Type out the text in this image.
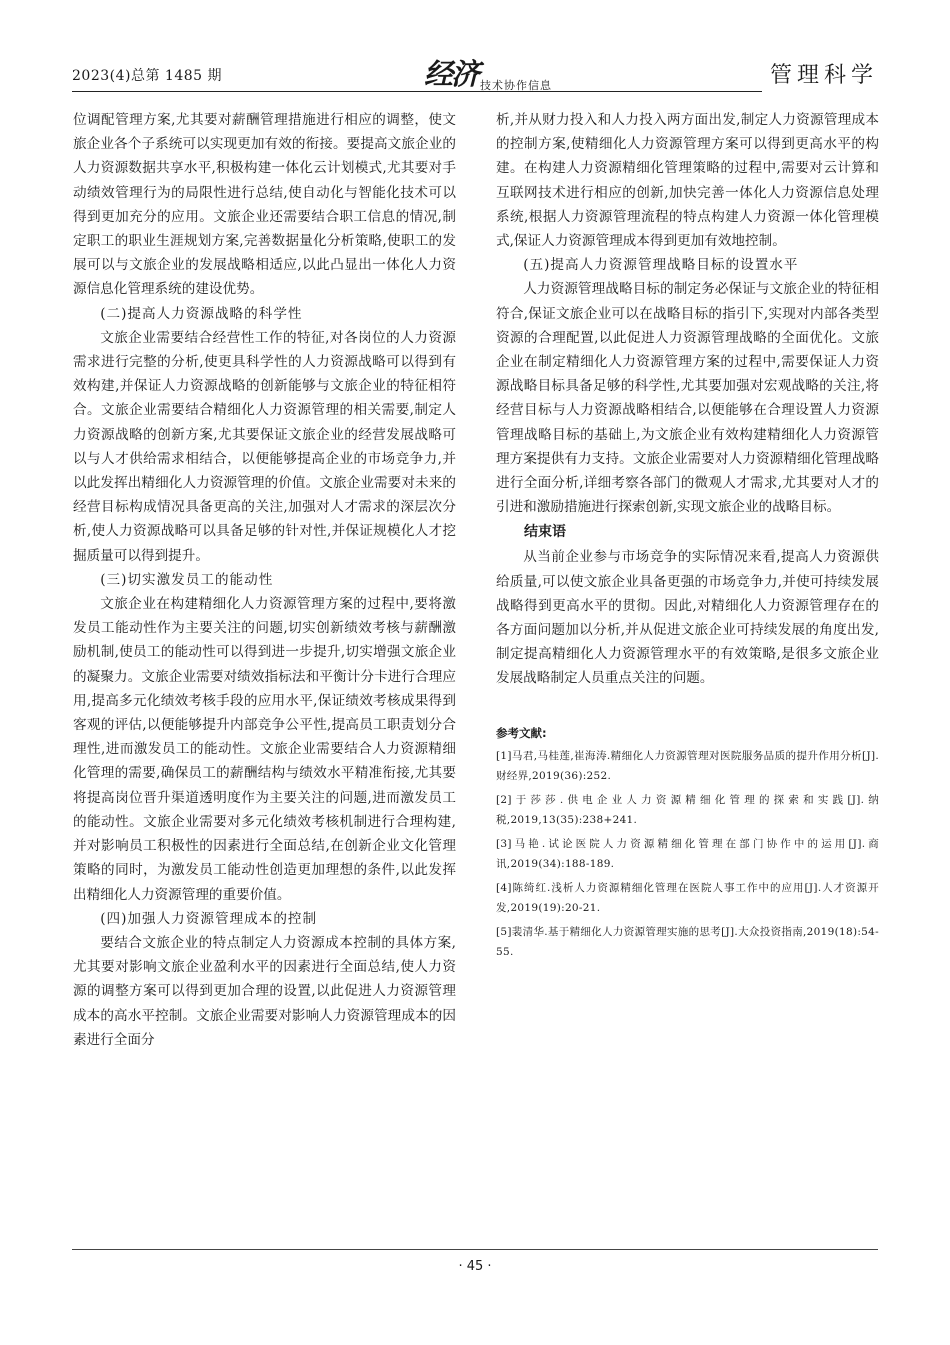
2023(4)总第 1485 期	经济 技术协作信息	管理科学

位调配管理方案,尤其要对薪酬管理措施进行相应的调整，使文旅企业各个子系统可以实现更加有效的衔接。要提高文旅企业的人力资源数据共享水平,积极构建一体化云计划模式,尤其要对手动绩效管理行为的局限性进行总结,使自动化与智能化技术可以得到更加充分的应用。文旅企业还需要结合职工信息的情况,制定职工的职业生涯规划方案,完善数据量化分析策略,使职工的发展可以与文旅企业的发展战略相适应,以此凸显出一体化人力资源信息化管理系统的建设优势。

(二)提高人力资源战略的科学性

文旅企业需要结合经营性工作的特征,对各岗位的人力资源需求进行完整的分析,使更具科学性的人力资源战略可以得到有效构建,并保证人力资源战略的创新能够与文旅企业的特征相符合。文旅企业需要结合精细化人力资源管理的相关需要,制定人力资源战略的创新方案,尤其要保证文旅企业的经营发展战略可以与人才供给需求相结合，以便能够提高企业的市场竞争力,并以此发挥出精细化人力资源管理的价值。文旅企业需要对未来的经营目标构成情况具备更高的关注,加强对人才需求的深层次分析,使人力资源战略可以具备足够的针对性,并保证规模化人才挖掘质量可以得到提升。

(三)切实激发员工的能动性

文旅企业在构建精细化人力资源管理方案的过程中,要将激发员工能动性作为主要关注的问题,切实创新绩效考核与薪酬激励机制,使员工的能动性可以得到进一步提升,切实增强文旅企业的凝聚力。文旅企业需要对绩效指标法和平衡计分卡进行合理应用,提高多元化绩效考核手段的应用水平,保证绩效考核成果得到客观的评估,以便能够提升内部竞争公平性,提高员工职责划分合理性,进而激发员工的能动性。文旅企业需要结合人力资源精细化管理的需要,确保员工的薪酬结构与绩效水平精准衔接,尤其要将提高岗位晋升渠道透明度作为主要关注的问题,进而激发员工的能动性。文旅企业需要对多元化绩效考核机制进行合理构建,并对影响员工积极性的因素进行全面总结,在创新企业文化管理策略的同时，为激发员工能动性创造更加理想的条件,以此发挥出精细化人力资源管理的重要价值。

(四)加强人力资源管理成本的控制

要结合文旅企业的特点制定人力资源成本控制的具体方案,尤其要对影响文旅企业盈利水平的因素进行全面总结,使人力资源的调整方案可以得到更加合理的设置,以此促进人力资源管理成本的高水平控制。文旅企业需要对影响人力资源管理成本的因素进行全面分

析,并从财力投入和人力投入两方面出发,制定人力资源管理成本的控制方案,使精细化人力资源管理方案可以得到更高水平的构建。在构建人力资源精细化管理策略的过程中,需要对云计算和互联网技术进行相应的创新,加快完善一体化人力资源信息处理系统,根据人力资源管理流程的特点构建人力资源一体化管理模式,保证人力资源管理成本得到更加有效地控制。

(五)提高人力资源管理战略目标的设置水平

人力资源管理战略目标的制定务必保证与文旅企业的特征相符合,保证文旅企业可以在战略目标的指引下,实现对内部各类型资源的合理配置,以此促进人力资源管理战略的全面优化。文旅企业在制定精细化人力资源管理方案的过程中,需要保证人力资源战略目标具备足够的科学性,尤其要加强对宏观战略的关注,将经营目标与人力资源战略相结合,以便能够在合理设置人力资源管理战略目标的基础上,为文旅企业有效构建精细化人力资源管理方案提供有力支持。文旅企业需要对人力资源精细化管理战略进行全面分析,详细考察各部门的微观人才需求,尤其要对人才的引进和激励措施进行探索创新,实现文旅企业的战略目标。

结束语

从当前企业参与市场竞争的实际情况来看,提高人力资源供给质量,可以使文旅企业具备更强的市场竞争力,并使可持续发展战略得到更高水平的贯彻。因此,对精细化人力资源管理存在的各方面问题加以分析,并从促进文旅企业可持续发展的角度出发,制定提高精细化人力资源管理水平的有效策略,是很多文旅企业发展战略制定人员重点关注的问题。

参考文献:

[1]马君,马桂莲,崔海涛.精细化人力资源管理对医院服务品质的提升作用分析[J].财经界,2019(36):252.

[2]于莎莎.供电企业人力资源精细化管理的探索和实践[J].纳税,2019,13(35):238+241.

[3]马艳.试论医院人力资源精细化管理在部门协作中的运用[J].商讯,2019(34):188-189.

[4]陈绮红.浅析人力资源精细化管理在医院人事工作中的应用[J].人才资源开发,2019(19):20-21.

[5]裴清华.基于精细化人力资源管理实施的思考[J].大众投资指南,2019(18):54-55.

· 45 ·
